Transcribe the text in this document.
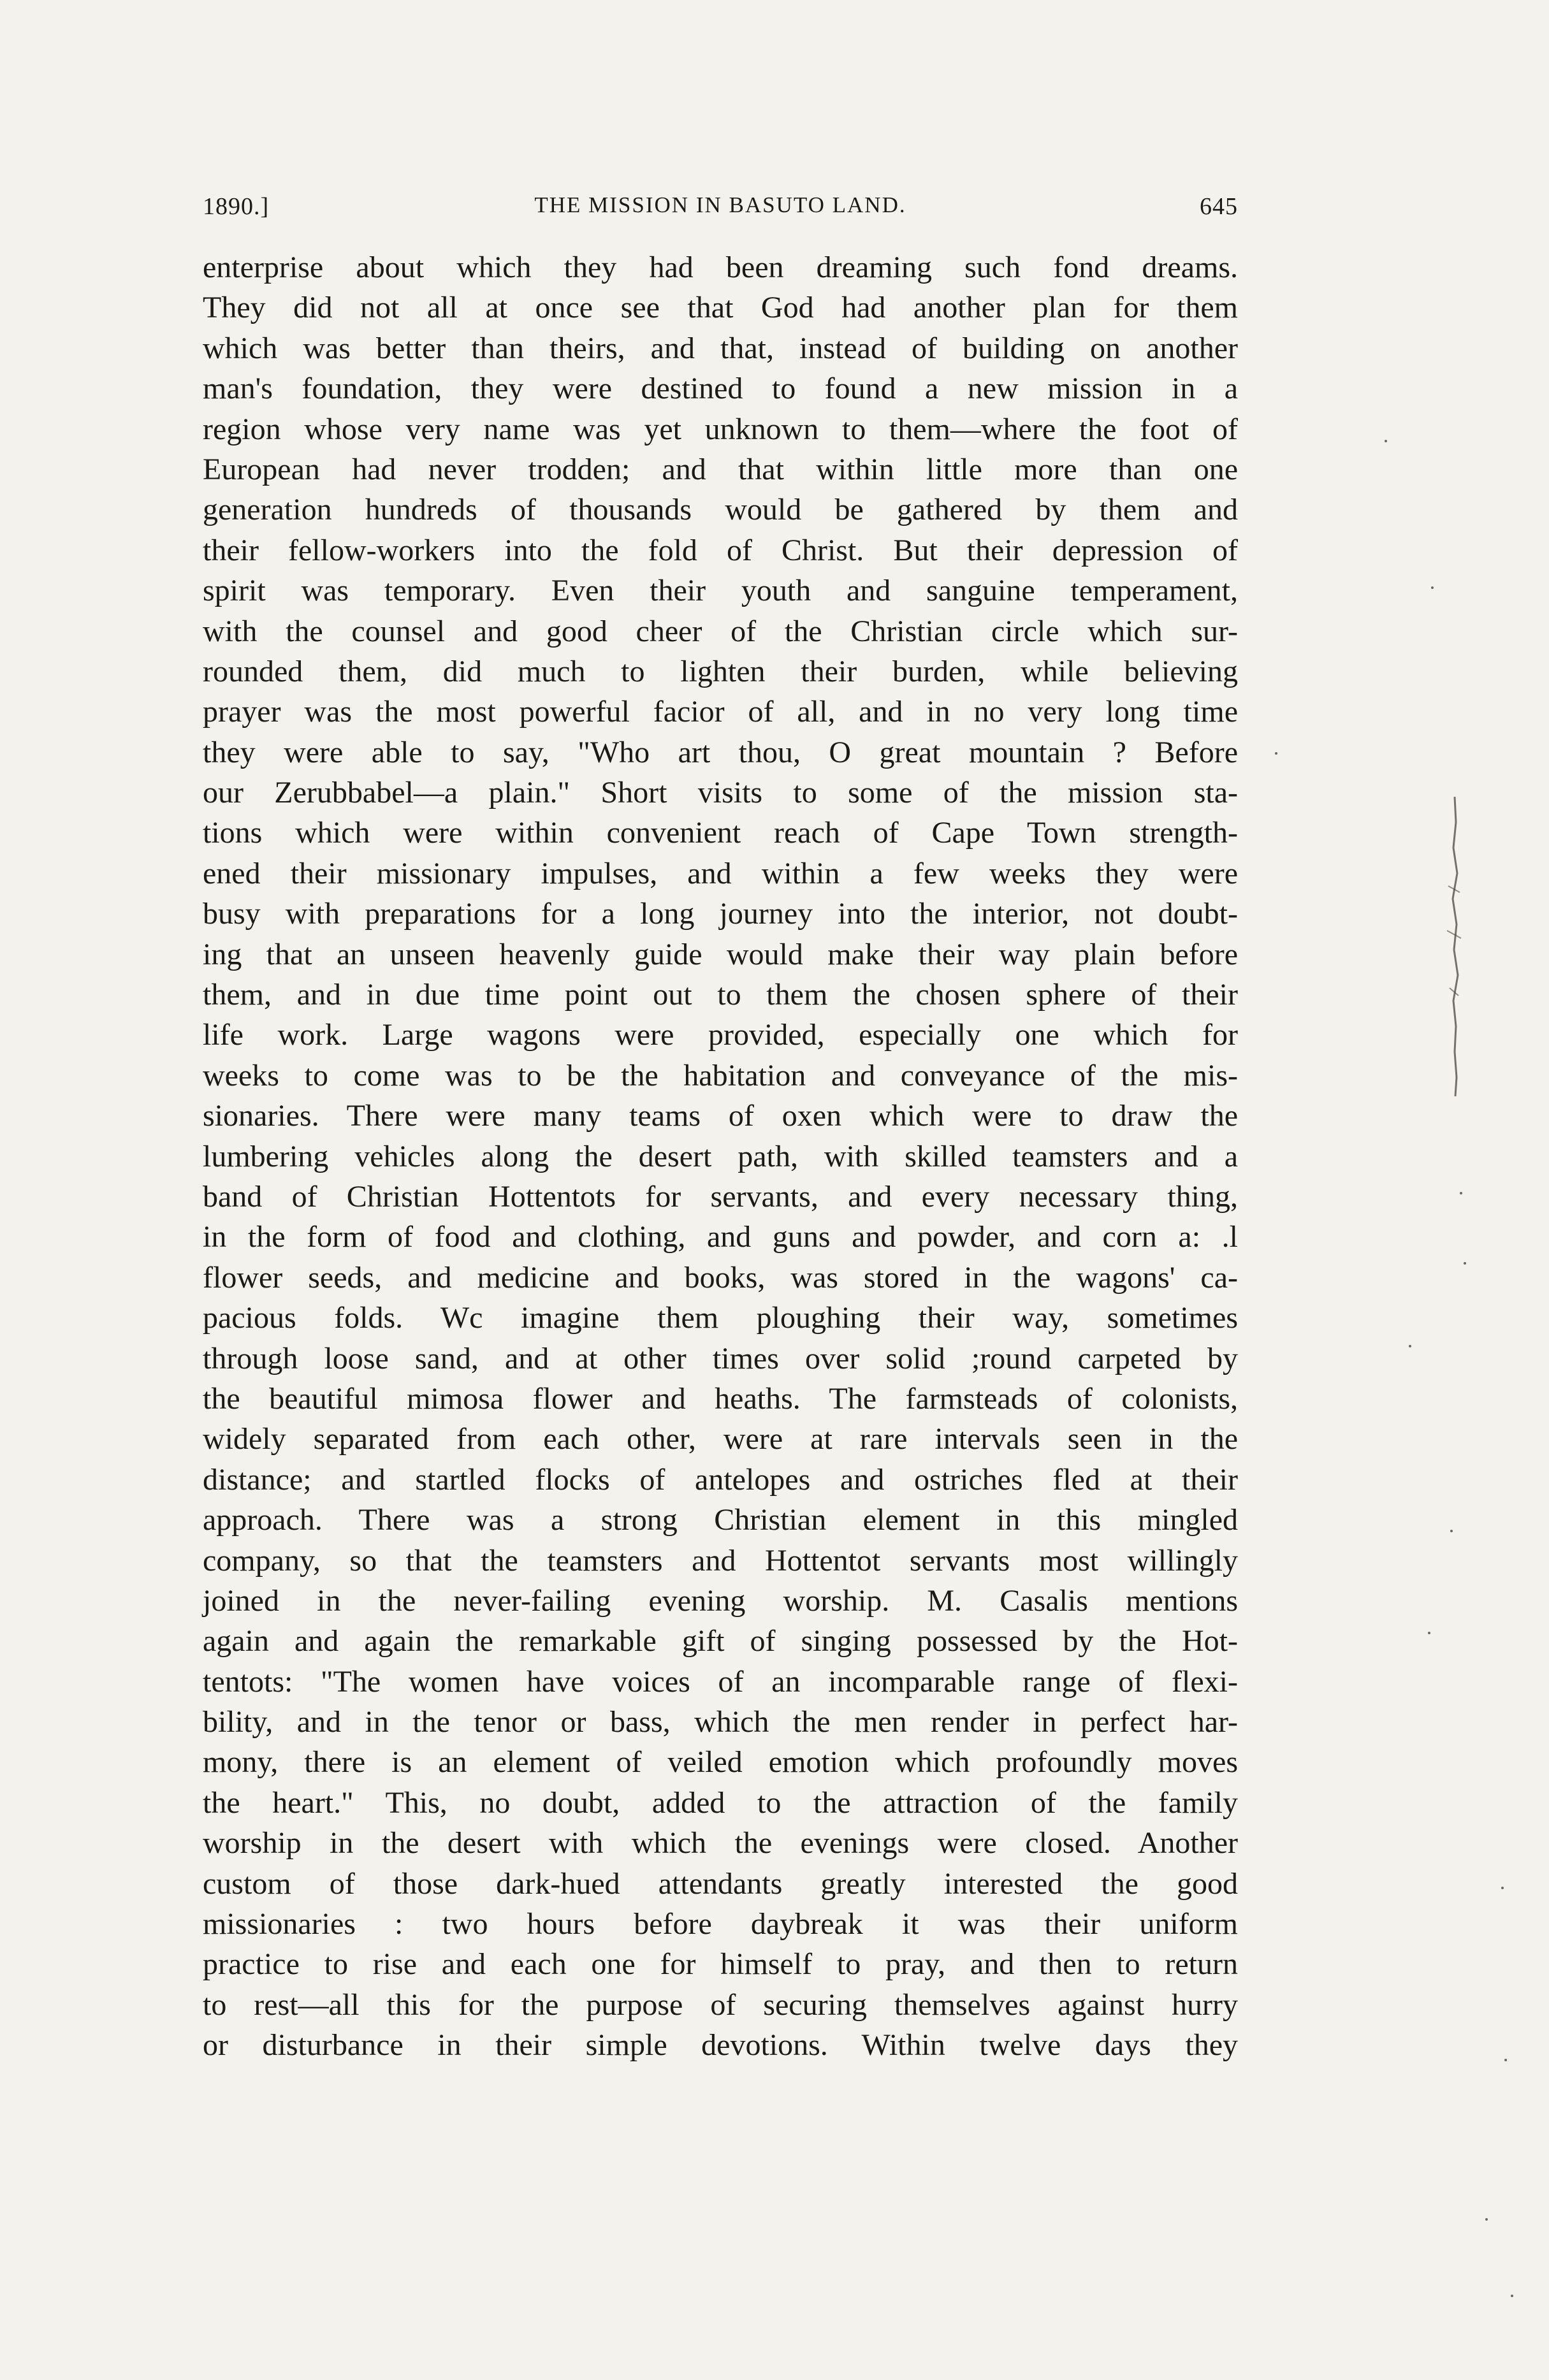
1890.]	THE MISSION IN BASUTO LAND.	645
enterprise about which they had been dreaming such fond dreams.
They did not all at once see that God had another plan for them
which was better than theirs, and that, instead of building on another
man's foundation, they were destined to found a new mission in a
region whose very name was yet unknown to them—where the foot of
European had never trodden; and that within little more than one
generation hundreds of thousands would be gathered by them and
their fellow-workers into the fold of Christ. But their depression of
spirit was temporary. Even their youth and sanguine temperament,
with the counsel and good cheer of the Christian circle which sur-
rounded them, did much to lighten their burden, while believing
prayer was the most powerful facior of all, and in no very long time
they were able to say, "Who art thou, O great mountain ? Before
our Zerubbabel—a plain." Short visits to some of the mission sta-
tions which were within convenient reach of Cape Town strength-
ened their missionary impulses, and within a few weeks they were
busy with preparations for a long journey into the interior, not doubt-
ing that an unseen heavenly guide would make their way plain before
them, and in due time point out to them the chosen sphere of their
life work. Large wagons were provided, especially one which for
weeks to come was to be the habitation and conveyance of the mis-
sionaries. There were many teams of oxen which were to draw the
lumbering vehicles along the desert path, with skilled teamsters and a
band of Christian Hottentots for servants, and every necessary thing,
in the form of food and clothing, and guns and powder, and corn a: .l
flower seeds, and medicine and books, was stored in the wagons' ca-
pacious folds. Wc imagine them ploughing their way, sometimes
through loose sand, and at other times over solid ;round carpeted by
the beautiful mimosa flower and heaths. The farmsteads of colonists,
widely separated from each other, were at rare intervals seen in the
distance; and startled flocks of antelopes and ostriches fled at their
approach. There was a strong Christian element in this mingled
company, so that the teamsters and Hottentot servants most willingly
joined in the never-failing evening worship. M. Casalis mentions
again and again the remarkable gift of singing possessed by the Hot-
tentots: "The women have voices of an incomparable range of flexi-
bility, and in the tenor or bass, which the men render in perfect har-
mony, there is an element of veiled emotion which profoundly moves
the heart." This, no doubt, added to the attraction of the family
worship in the desert with which the evenings were closed. Another
custom of those dark-hued attendants greatly interested the good
missionaries : two hours before daybreak it was their uniform
practice to rise and each one for himself to pray, and then to return
to rest—all this for the purpose of securing themselves against hurry
or disturbance in their simple devotions. Within twelve days they
